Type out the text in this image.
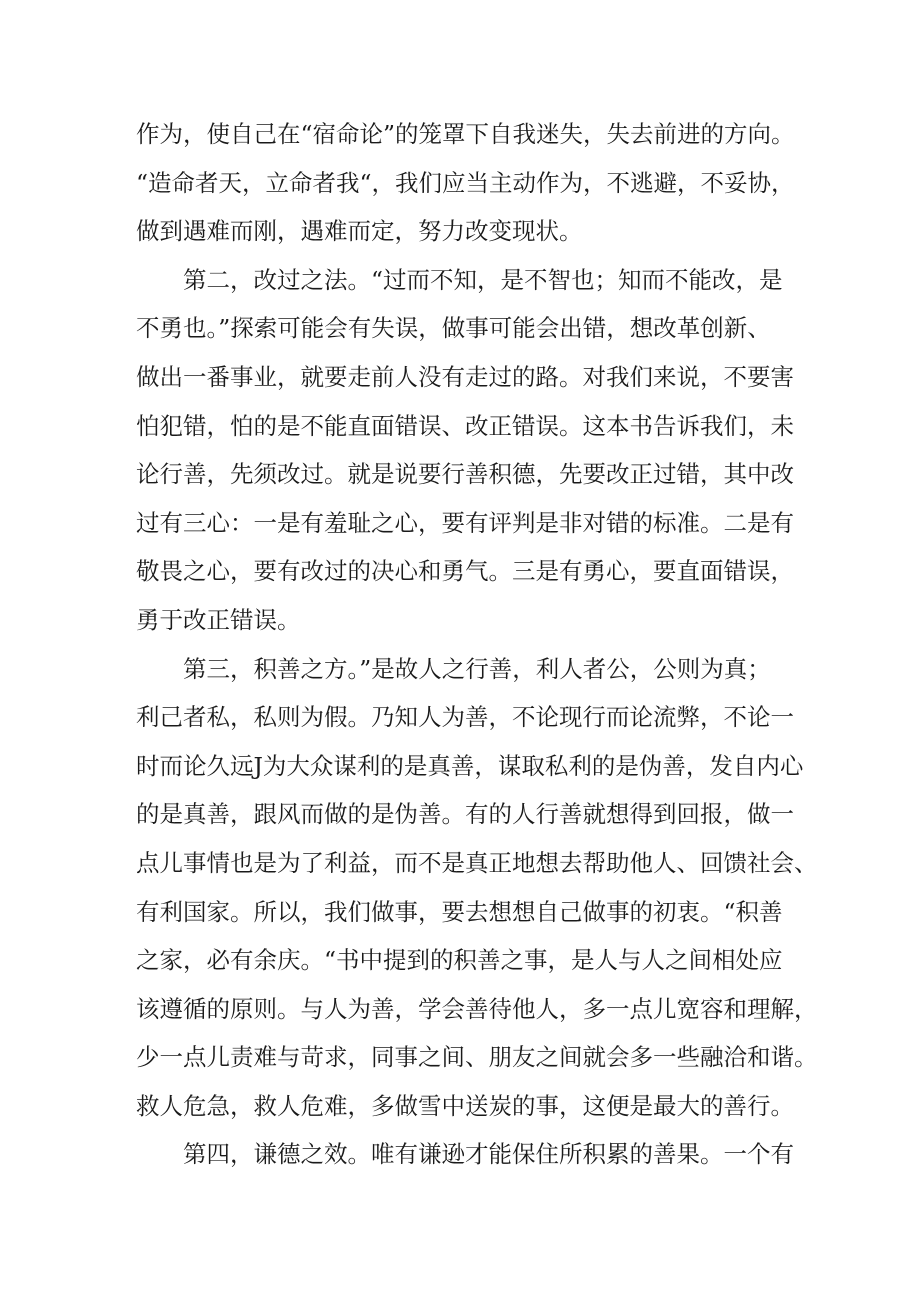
作为，使自己在“宿命论”的笼罩下自我迷失，失去前进的方向。
“造命者天，立命者我“，我们应当主动作为，不逃避，不妥协，
做到遇难而刚，遇难而定，努力改变现状。
第二，改过之法。“过而不知，是不智也；知而不能改，是
不勇也。”探索可能会有失误，做事可能会出错，想改革创新、
做出一番事业，就要走前人没有走过的路。对我们来说，不要害
怕犯错，怕的是不能直面错误、改正错误。这本书告诉我们，未
论行善，先须改过。就是说要行善积德，先要改正过错，其中改
过有三心：一是有羞耻之心，要有评判是非对错的标准。二是有
敬畏之心，要有改过的决心和勇气。三是有勇心，要直面错误，
勇于改正错误。
第三，积善之方。”是故人之行善，利人者公，公则为真；
利己者私，私则为假。乃知人为善，不论现行而论流弊，不论一
时而论久远J为大众谋利的是真善，谋取私利的是伪善，发自内心
的是真善，跟风而做的是伪善。有的人行善就想得到回报，做一
点儿事情也是为了利益，而不是真正地想去帮助他人、回馈社会、
有利国家。所以，我们做事，要去想想自己做事的初衷。“积善
之家，必有余庆。“书中提到的积善之事，是人与人之间相处应
该遵循的原则。与人为善，学会善待他人，多一点儿宽容和理解，
少一点儿责难与苛求，同事之间、朋友之间就会多一些融洽和谐。
救人危急，救人危难，多做雪中送炭的事，这便是最大的善行。
第四，谦德之效。唯有谦逊才能保住所积累的善果。一个有
